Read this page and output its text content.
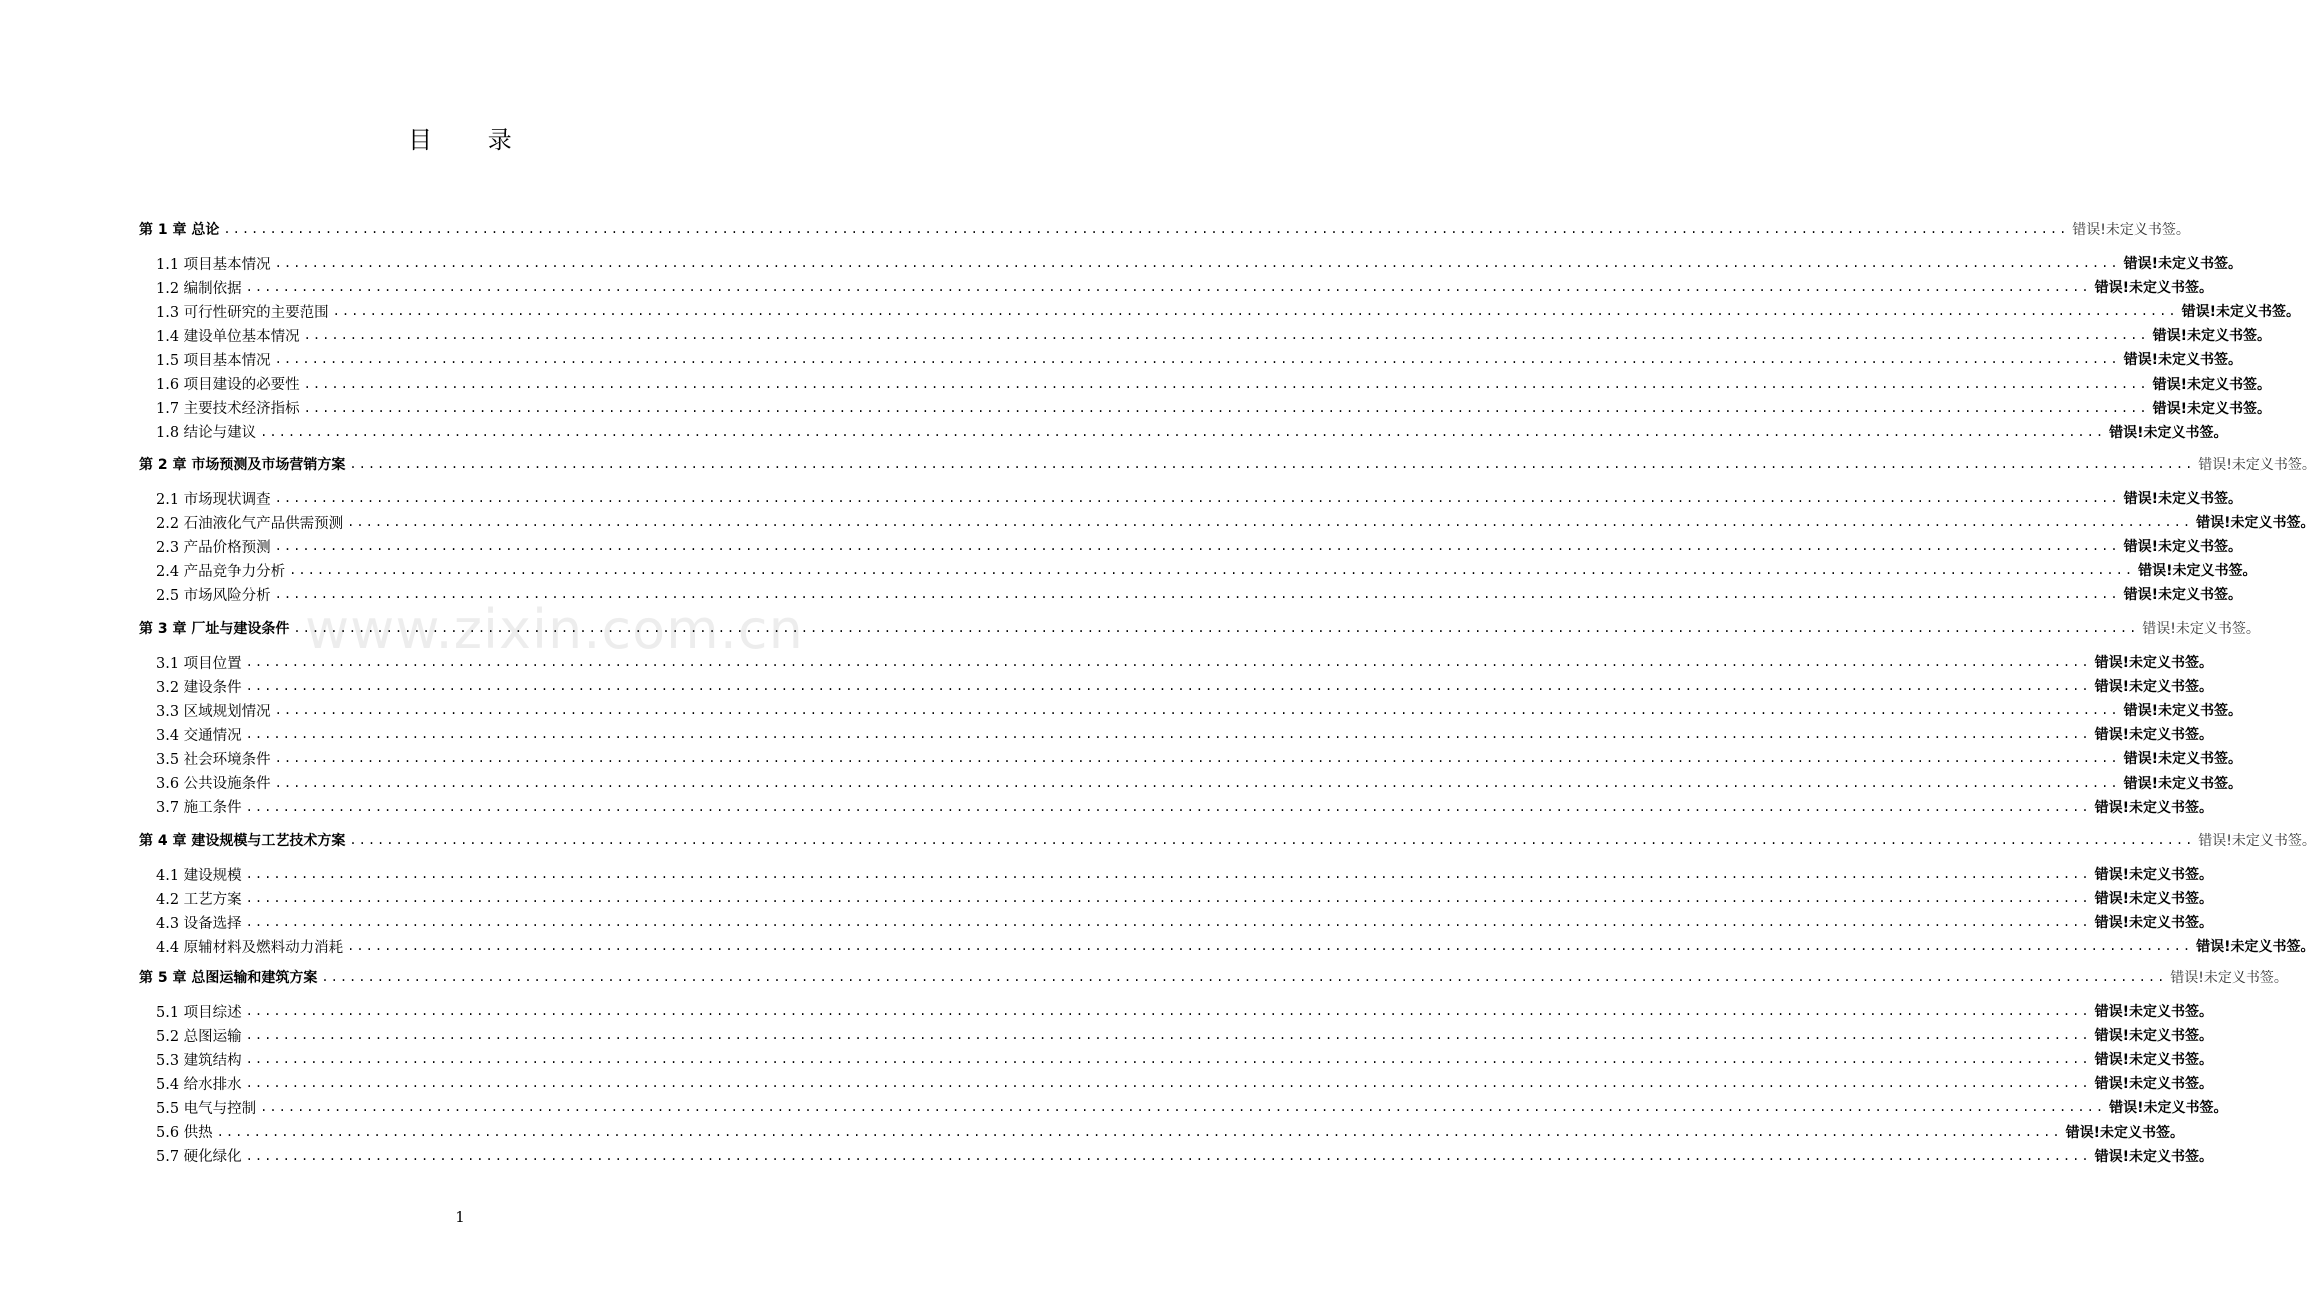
www.zixin.com.cn
目 录
第 1 章 总论 ........................................................................................................................................................................................................ 错误!未定义书签。
1.1 项目基本情况 ........................................................................................................................................................................................................ 错误!未定义书签。
1.2 编制依据 ........................................................................................................................................................................................................ 错误!未定义书签。
1.3 可行性研究的主要范围 ........................................................................................................................................................................................................ 错误!未定义书签。
1.4 建设单位基本情况 ........................................................................................................................................................................................................ 错误!未定义书签。
1.5 项目基本情况 ........................................................................................................................................................................................................ 错误!未定义书签。
1.6 项目建设的必要性 ........................................................................................................................................................................................................ 错误!未定义书签。
1.7 主要技术经济指标 ........................................................................................................................................................................................................ 错误!未定义书签。
1.8 结论与建议 ........................................................................................................................................................................................................ 错误!未定义书签。
第 2 章 市场预测及市场营销方案 ........................................................................................................................................................................................................ 错误!未定义书签。
2.1 市场现状调查 ........................................................................................................................................................................................................ 错误!未定义书签。
2.2 石油液化气产品供需预测 ........................................................................................................................................................................................................ 错误!未定义书签。
2.3 产品价格预测 ........................................................................................................................................................................................................ 错误!未定义书签。
2.4 产品竞争力分析 ........................................................................................................................................................................................................ 错误!未定义书签。
2.5 市场风险分析 ........................................................................................................................................................................................................ 错误!未定义书签。
第 3 章 厂址与建设条件 ........................................................................................................................................................................................................ 错误!未定义书签。
3.1 项目位置 ........................................................................................................................................................................................................ 错误!未定义书签。
3.2 建设条件 ........................................................................................................................................................................................................ 错误!未定义书签。
3.3 区域规划情况 ........................................................................................................................................................................................................ 错误!未定义书签。
3.4 交通情况 ........................................................................................................................................................................................................ 错误!未定义书签。
3.5 社会环境条件 ........................................................................................................................................................................................................ 错误!未定义书签。
3.6 公共设施条件 ........................................................................................................................................................................................................ 错误!未定义书签。
3.7 施工条件 ........................................................................................................................................................................................................ 错误!未定义书签。
第 4 章 建设规模与工艺技术方案 ........................................................................................................................................................................................................ 错误!未定义书签。
4.1 建设规模 ........................................................................................................................................................................................................ 错误!未定义书签。
4.2 工艺方案 ........................................................................................................................................................................................................ 错误!未定义书签。
4.3 设备选择 ........................................................................................................................................................................................................ 错误!未定义书签。
4.4 原辅材料及燃料动力消耗 ........................................................................................................................................................................................................ 错误!未定义书签。
第 5 章 总图运输和建筑方案 ........................................................................................................................................................................................................ 错误!未定义书签。
5.1 项目综述 ........................................................................................................................................................................................................ 错误!未定义书签。
5.2 总图运输 ........................................................................................................................................................................................................ 错误!未定义书签。
5.3 建筑结构 ........................................................................................................................................................................................................ 错误!未定义书签。
5.4 给水排水 ........................................................................................................................................................................................................ 错误!未定义书签。
5.5 电气与控制 ........................................................................................................................................................................................................ 错误!未定义书签。
5.6 供热 ........................................................................................................................................................................................................ 错误!未定义书签。
5.7 硬化绿化 ........................................................................................................................................................................................................ 错误!未定义书签。
1
